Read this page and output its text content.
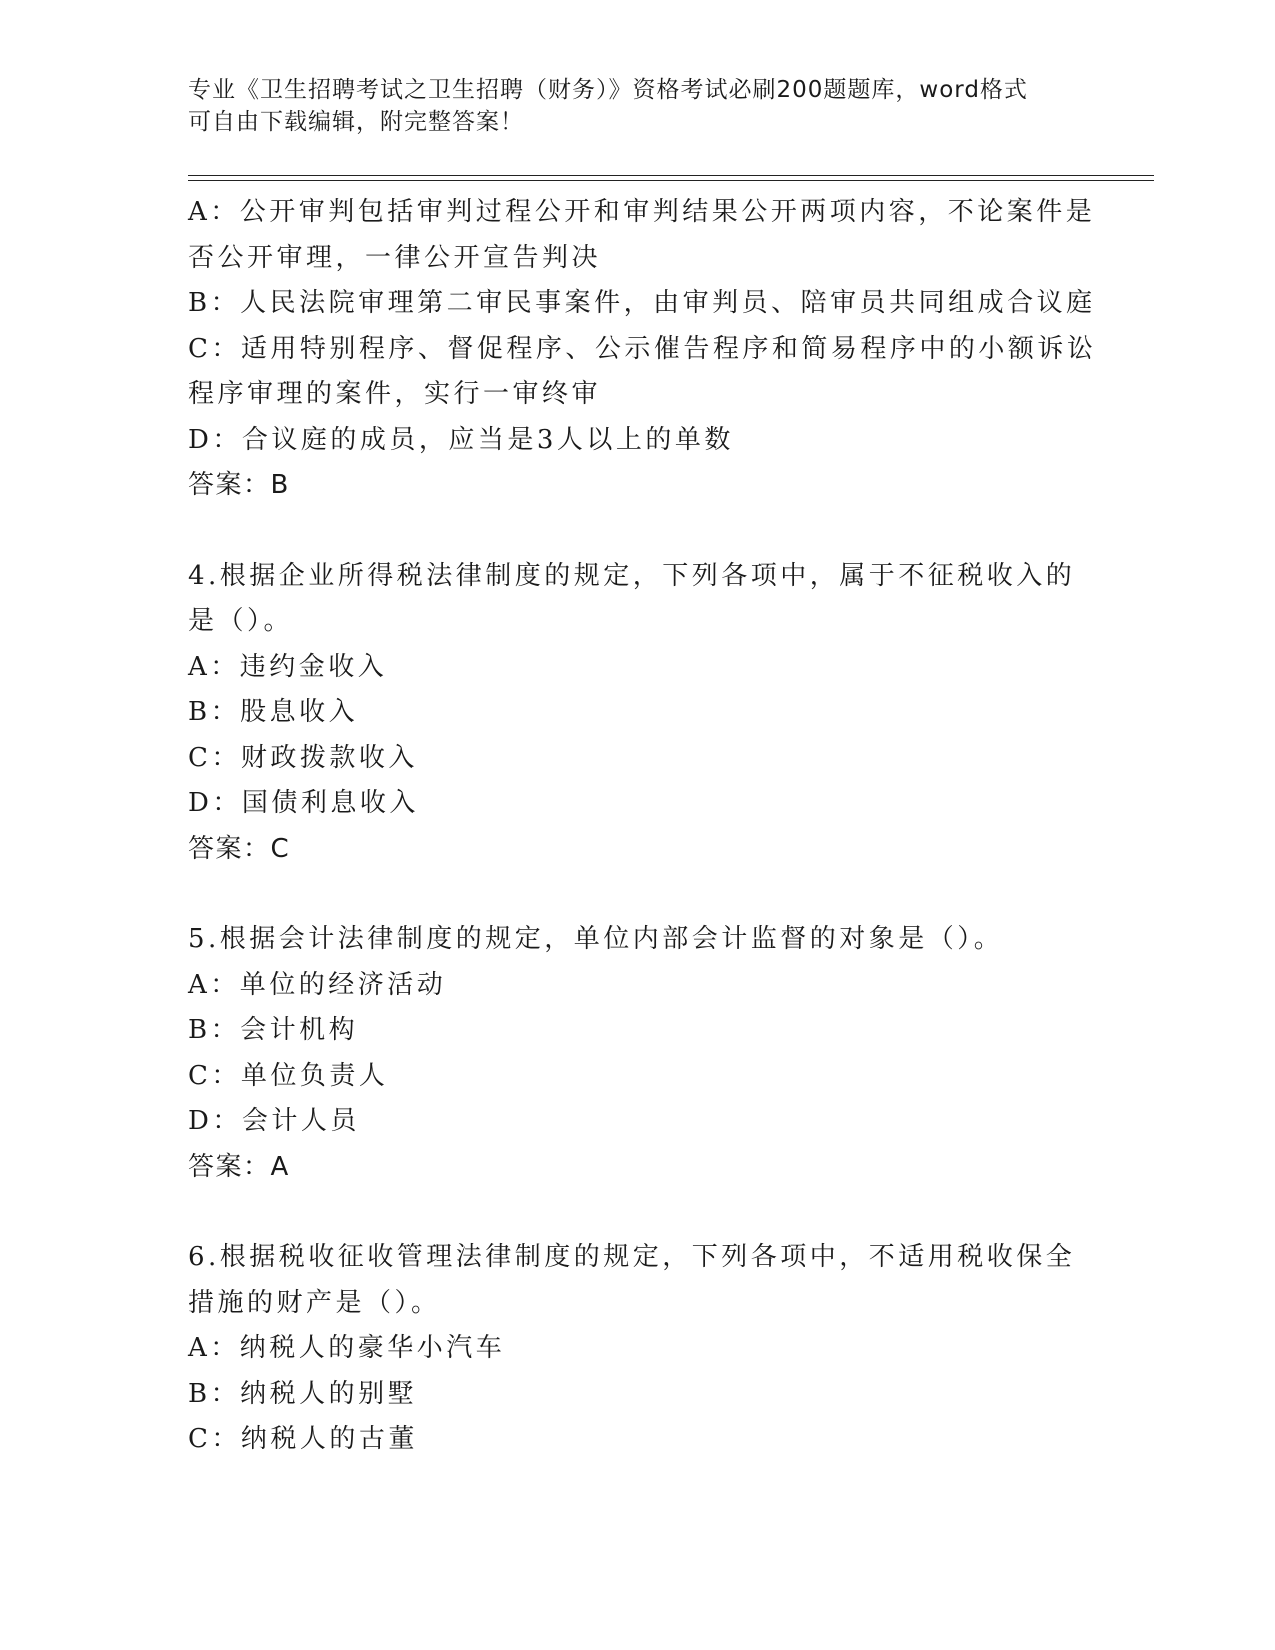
专业《卫生招聘考试之卫生招聘（财务）》资格考试必刷200题题库，word格式
可自由下载编辑，附完整答案！
A：公开审判包括审判过程公开和审判结果公开两项内容，不论案件是
否公开审理，一律公开宣告判决
B：人民法院审理第二审民事案件，由审判员、陪审员共同组成合议庭
C：适用特别程序、督促程序、公示催告程序和简易程序中的小额诉讼
程序审理的案件，实行一审终审
D：合议庭的成员，应当是3人以上的单数
答案：B
4.根据企业所得税法律制度的规定，下列各项中，属于不征税收入的
是（）。
A：违约金收入
B：股息收入
C：财政拨款收入
D：国债利息收入
答案：C
5.根据会计法律制度的规定，单位内部会计监督的对象是（）。
A：单位的经济活动
B：会计机构
C：单位负责人
D：会计人员
答案：A
6.根据税收征收管理法律制度的规定，下列各项中，不适用税收保全
措施的财产是（）。
A：纳税人的豪华小汽车
B：纳税人的别墅
C：纳税人的古董
